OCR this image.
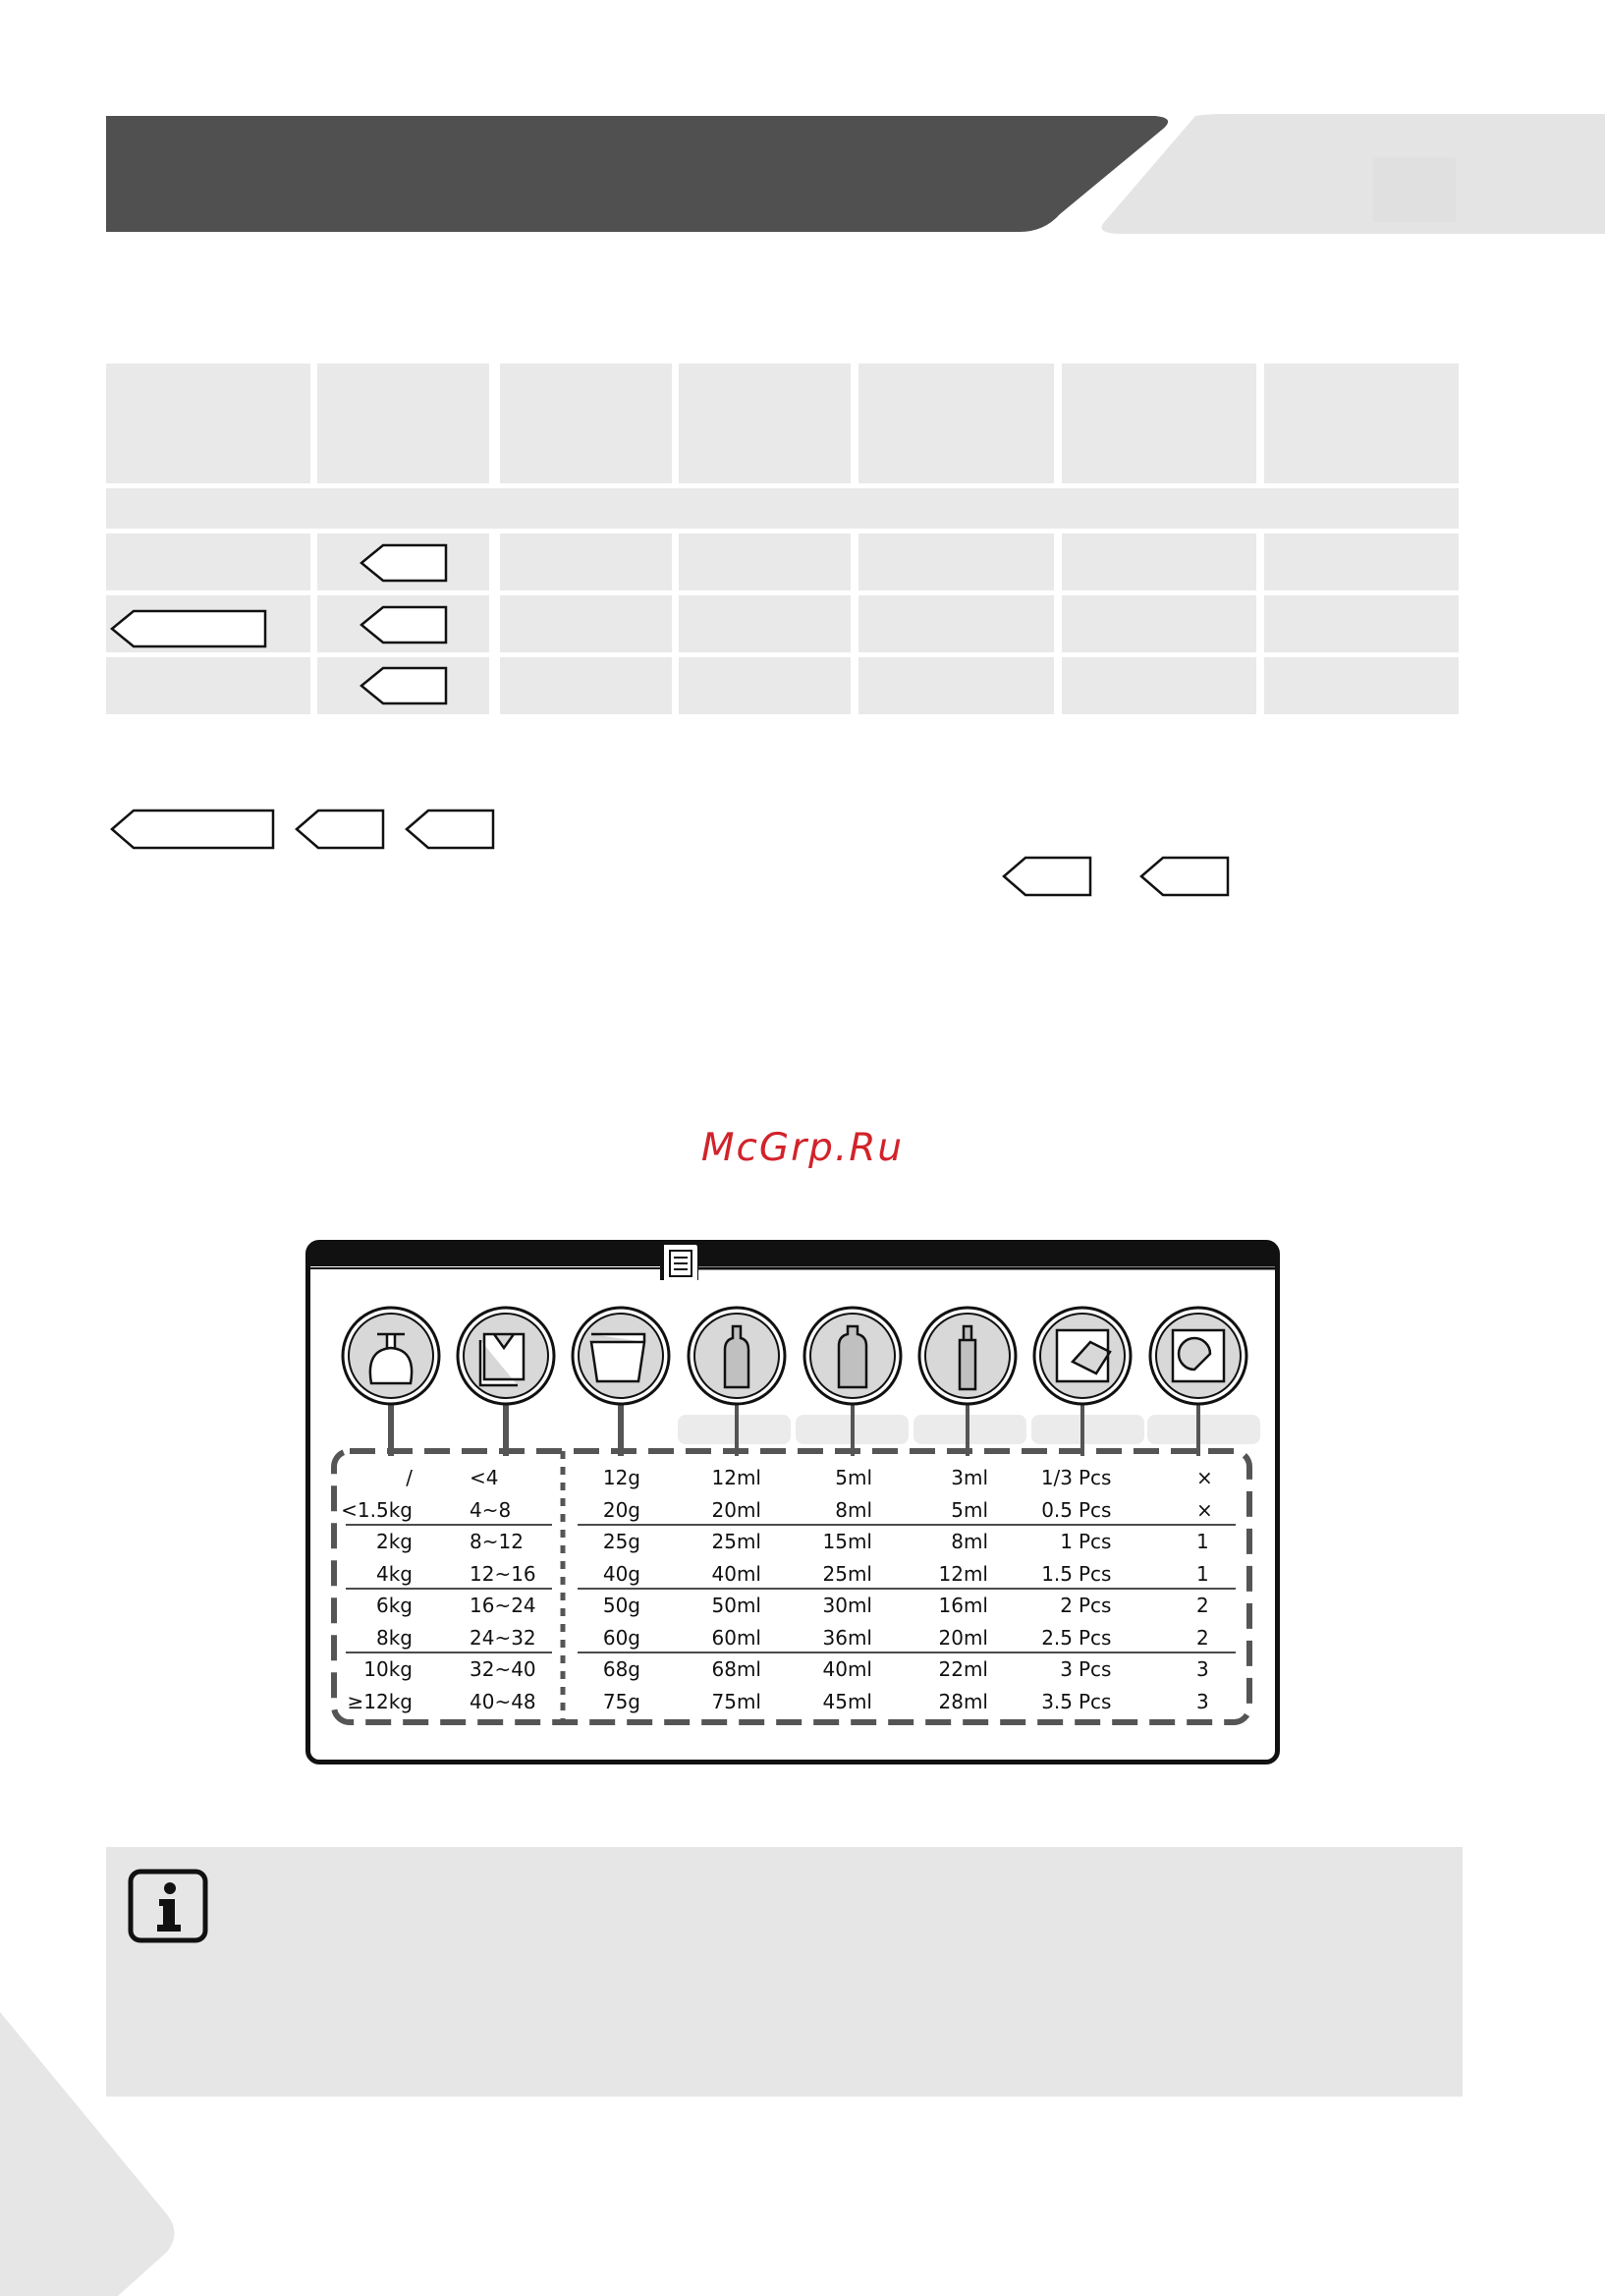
McGrp.Ru
/	<4	12g	12ml	5ml	3ml	1/3 Pcs	×
<1.5kg	4~8	20g	20ml	8ml	5ml	0.5 Pcs	×
2kg	8~12	25g	25ml	15ml	8ml	1 Pcs	1
4kg	12~16	40g	40ml	25ml	12ml	1.5 Pcs	1
6kg	16~24	50g	50ml	30ml	16ml	2 Pcs	2
8kg	24~32	60g	60ml	36ml	20ml	2.5 Pcs	2
10kg	32~40	68g	68ml	40ml	22ml	3 Pcs	3
≥12kg	40~48	75g	75ml	45ml	28ml	3.5 Pcs	3
